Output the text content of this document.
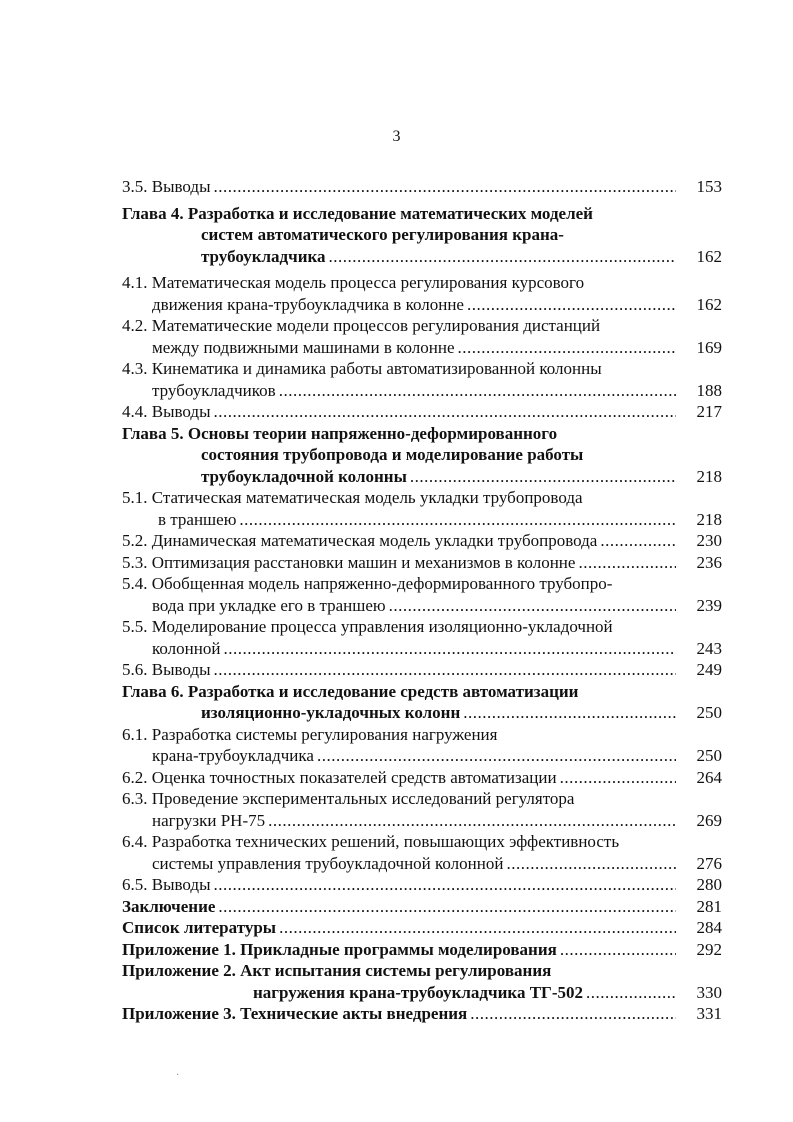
3
3.5. Выводы .....	153
Глава 4. Разработка и исследование математических моделей
систем автоматического регулирования крана-
трубоукладчика .....	162
4.1. Математическая модель процесса регулирования курсового
движения крана-трубоукладчика в колонне .....	162
4.2. Математические модели процессов регулирования дистанций
между подвижными машинами в колонне .....	169
4.3. Кинематика и динамика работы автоматизированной колонны
трубоукладчиков .....	188
4.4. Выводы .....	217
Глава 5. Основы теории напряженно-деформированного
состояния трубопровода и моделирование работы
трубоукладочной колонны .....	218
5.1. Статическая математическая модель укладки трубопровода
в траншею .....	218
5.2. Динамическая математическая модель укладки трубопровода .....	230
5.3. Оптимизация расстановки машин и механизмов в колонне .....	236
5.4. Обобщенная модель напряженно-деформированного трубопро-
вода при укладке его в траншею .....	239
5.5. Моделирование процесса управления изоляционно-укладочной
колонной .....	243
5.6. Выводы .....	249
Глава 6. Разработка и исследование средств автоматизации
изоляционно-укладочных колонн .....	250
6.1. Разработка системы регулирования нагружения
крана-трубоукладчика .....	250
6.2. Оценка точностных показателей средств автоматизации .....	264
6.3. Проведение экспериментальных исследований регулятора
нагрузки РН-75 .....	269
6.4. Разработка технических решений, повышающих эффективность
системы управления трубоукладочной колонной .....	276
6.5. Выводы .....	280
Заключение .....	281
Список литературы .....	284
Приложение 1. Прикладные программы моделирования .....	292
Приложение 2. Акт испытания системы регулирования
нагружения крана-трубоукладчика ТГ-502 .....	330
Приложение 3. Технические акты внедрения .....	331
·
